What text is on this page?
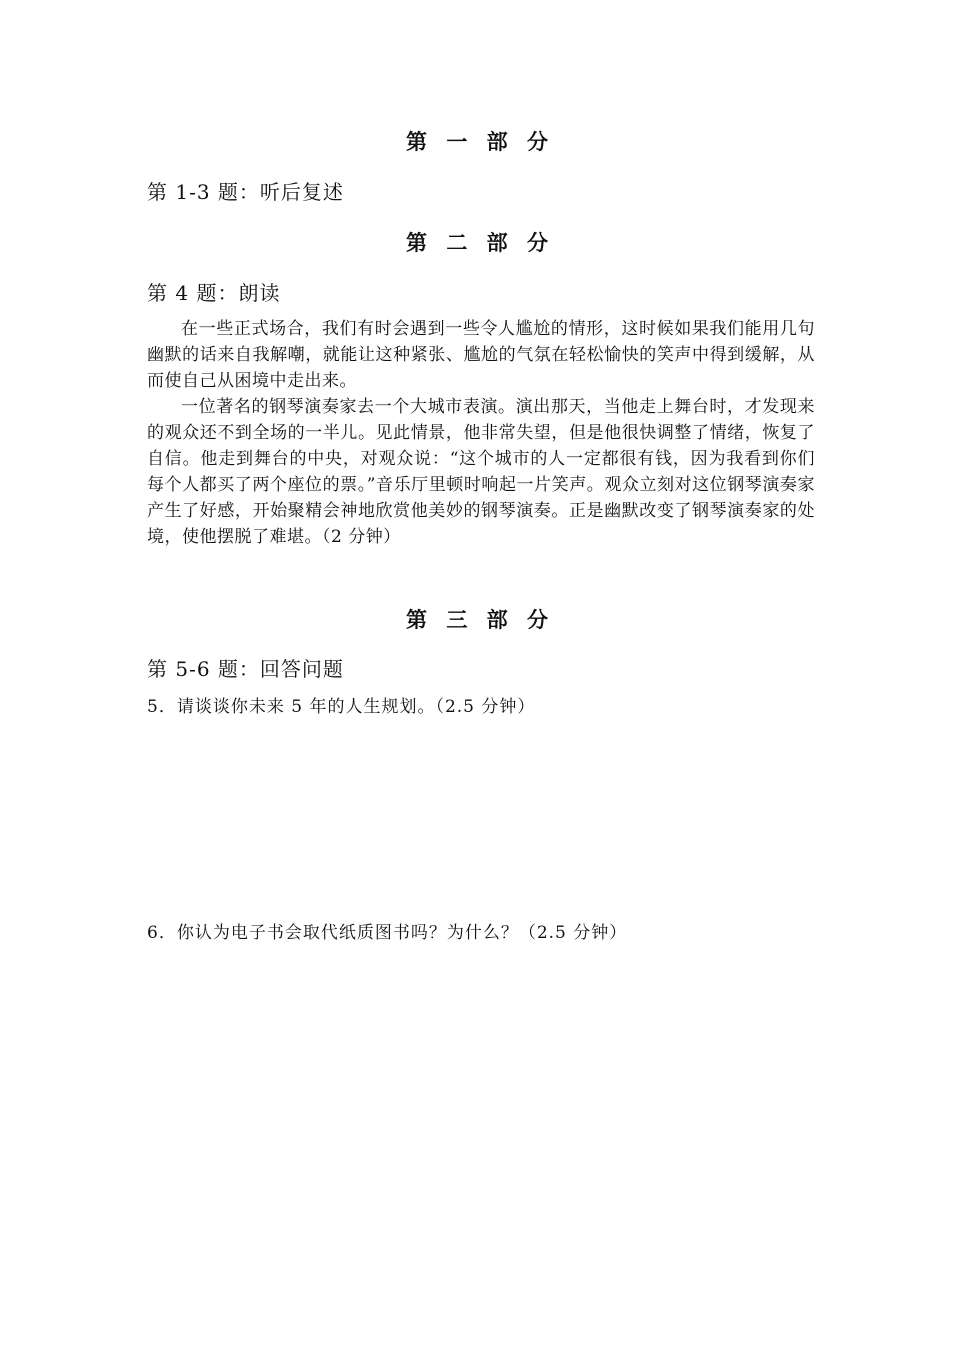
第 一 部 分
第 1-3 题：听后复述
第 二 部 分
第 4 题：朗读

在一些正式场合，我们有时会遇到一些令人尴尬的情形，这时候如果我们能用几句幽默的话来自我解嘲，就能让这种紧张、尴尬的气氛在轻松愉快的笑声中得到缓解，从而使自己从困境中走出来。

一位著名的钢琴演奏家去一个大城市表演。演出那天，当他走上舞台时，才发现来的观众还不到全场的一半儿。见此情景，他非常失望，但是他很快调整了情绪，恢复了自信。他走到舞台的中央，对观众说：“这个城市的人一定都很有钱，因为我看到你们每个人都买了两个座位的票。”音乐厅里顿时响起一片笑声。观众立刻对这位钢琴演奏家产生了好感，开始聚精会神地欣赏他美妙的钢琴演奏。正是幽默改变了钢琴演奏家的处境，使他摆脱了难堪。（2 分钟）

第 三 部 分
第 5-6 题：回答问题
5．请谈谈你未来 5 年的人生规划。（2.5 分钟）
6．你认为电子书会取代纸质图书吗？为什么？（2.5 分钟）
